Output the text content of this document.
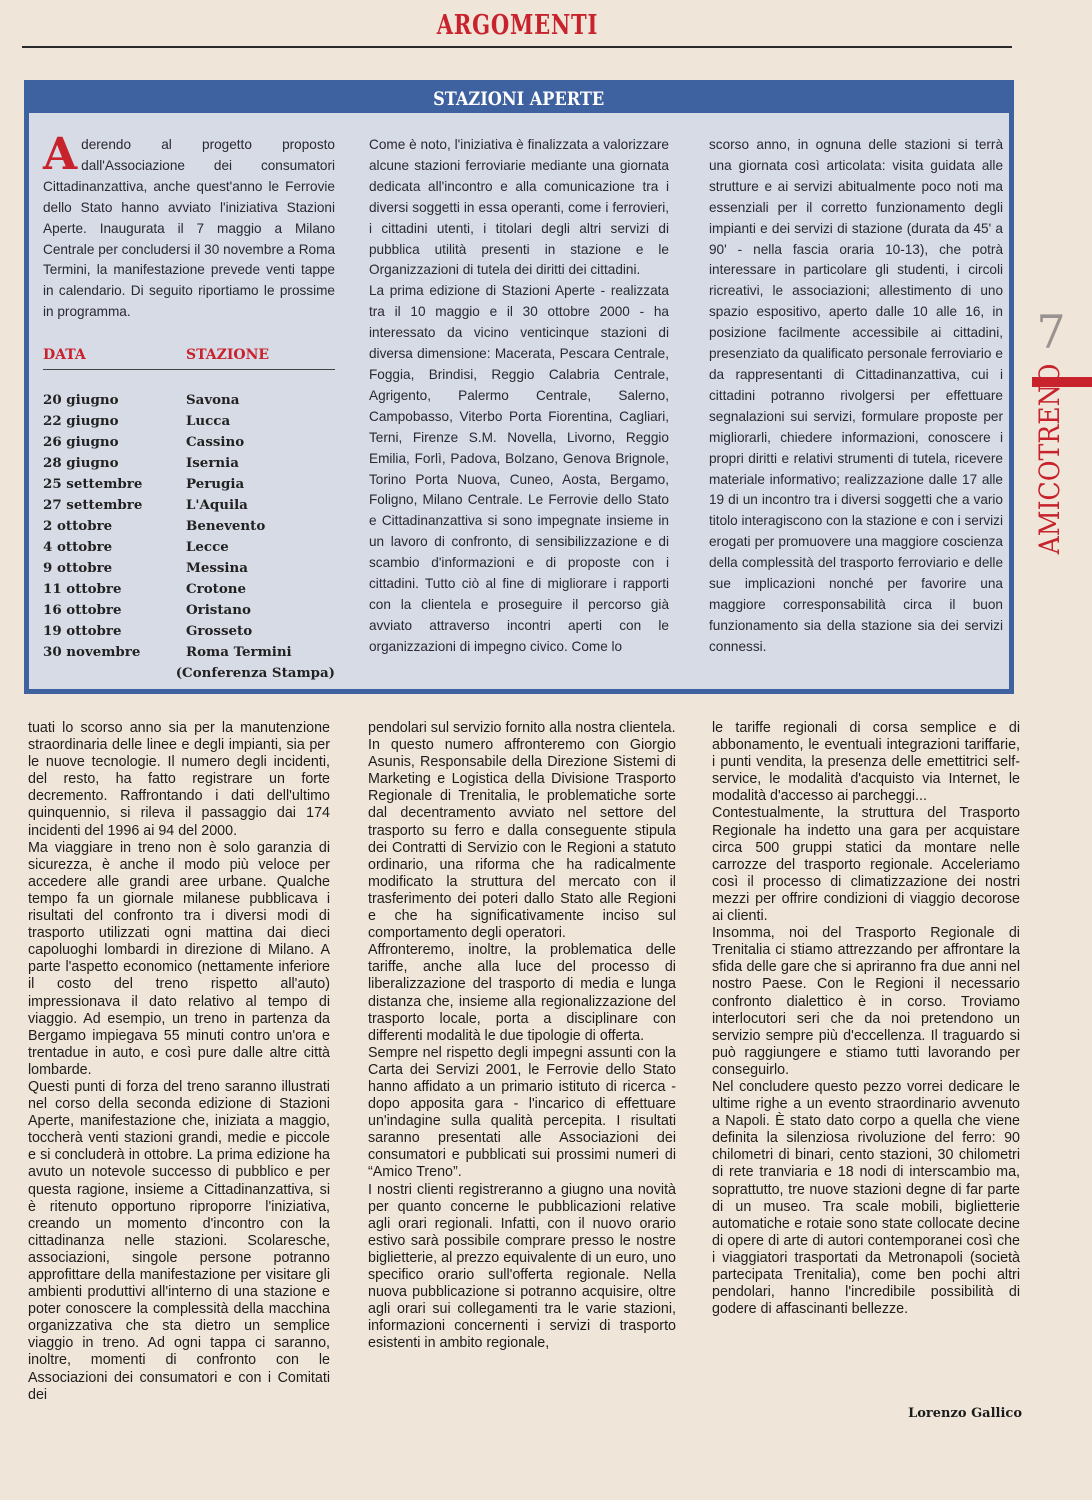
ARGOMENTI
STAZIONI APERTE

Aderendo al progetto proposto dall'Associazione dei consumatori Cittadinanzattiva, anche quest'anno le Ferrovie dello Stato hanno avviato l'iniziativa Stazioni Aperte. Inaugurata il 7 maggio a Milano Centrale per concludersi il 30 novembre a Roma Termini, la manifestazione prevede venti tappe in calendario. Di seguito riportiamo le prossime in programma.

DATA	STAZIONE
20 giugno	Savona
22 giugno	Lucca
26 giugno	Cassino
28 giugno	Isernia
25 settembre	Perugia
27 settembre	L'Aquila
2 ottobre	Benevento
4 ottobre	Lecce
9 ottobre	Messina
11 ottobre	Crotone
16 ottobre	Oristano
19 ottobre	Grosseto
30 novembre	Roma Termini
(Conferenza Stampa)

Come è noto, l'iniziativa è finalizzata a valorizzare alcune stazioni ferroviarie mediante una giornata dedicata all'incontro e alla comunicazione tra i diversi soggetti in essa operanti, come i ferrovieri, i cittadini utenti, i titolari degli altri servizi di pubblica utilità presenti in stazione e le Organizzazioni di tutela dei diritti dei cittadini.

La prima edizione di Stazioni Aperte - realizzata tra il 10 maggio e il 30 ottobre 2000 - ha interessato da vicino venticinque stazioni di diversa dimensione: Macerata, Pescara Centrale, Foggia, Brindisi, Reggio Calabria Centrale, Agrigento, Palermo Centrale, Salerno, Campobasso, Viterbo Porta Fiorentina, Cagliari, Terni, Firenze S.M. Novella, Livorno, Reggio Emilia, Forlì, Padova, Bolzano, Genova Brignole, Torino Porta Nuova, Cuneo, Aosta, Bergamo, Foligno, Milano Centrale. Le Ferrovie dello Stato e Cittadinanzattiva si sono impegnate insieme in un lavoro di confronto, di sensibilizzazione e di scambio d'informazioni e di proposte con i cittadini. Tutto ciò al fine di migliorare i rapporti con la clientela e proseguire il percorso già avviato attraverso incontri aperti con le organizzazioni di impegno civico. Come lo

scorso anno, in ognuna delle stazioni si terrà una giornata così articolata: visita guidata alle strutture e ai servizi abitualmente poco noti ma essenziali per il corretto funzionamento degli impianti e dei servizi di stazione (durata da 45' a 90' - nella fascia oraria 10-13), che potrà interessare in particolare gli studenti, i circoli ricreativi, le associazioni; allestimento di uno spazio espositivo, aperto dalle 10 alle 16, in posizione facilmente accessibile ai cittadini, presenziato da qualificato personale ferroviario e da rappresentanti di Cittadinanzattiva, cui i cittadini potranno rivolgersi per effettuare segnalazioni sui servizi, formulare proposte per migliorarli, chiedere informazioni, conoscere i propri diritti e relativi strumenti di tutela, ricevere materiale informativo; realizzazione dalle 17 alle 19 di un incontro tra i diversi soggetti che a vario titolo interagiscono con la stazione e con i servizi erogati per promuovere una maggiore coscienza della complessità del trasporto ferroviario e delle sue implicazioni nonché per favorire una maggiore corresponsabilità circa il buon funzionamento sia della stazione sia dei servizi connessi.

tuati lo scorso anno sia per la manutenzione straordinaria delle linee e degli impianti, sia per le nuove tecnologie. Il numero degli incidenti, del resto, ha fatto registrare un forte decremento. Raffrontando i dati dell'ultimo quinquennio, si rileva il passaggio dai 174 incidenti del 1996 ai 94 del 2000.

Ma viaggiare in treno non è solo garanzia di sicurezza, è anche il modo più veloce per accedere alle grandi aree urbane. Qualche tempo fa un giornale milanese pubblicava i risultati del confronto tra i diversi modi di trasporto utilizzati ogni mattina dai dieci capoluoghi lombardi in direzione di Milano. A parte l'aspetto economico (nettamente inferiore il costo del treno rispetto all'auto) impressionava il dato relativo al tempo di viaggio. Ad esempio, un treno in partenza da Bergamo impiegava 55 minuti contro un'ora e trentadue in auto, e così pure dalle altre città lombarde.

Questi punti di forza del treno saranno illustrati nel corso della seconda edizione di Stazioni Aperte, manifestazione che, iniziata a maggio, toccherà venti stazioni grandi, medie e piccole e si concluderà in ottobre. La prima edizione ha avuto un notevole successo di pubblico e per questa ragione, insieme a Cittadinanzattiva, si è ritenuto opportuno riproporre l'iniziativa, creando un momento d'incontro con la cittadinanza nelle stazioni. Scolaresche, associazioni, singole persone potranno approfittare della manifestazione per visitare gli ambienti produttivi all'interno di una stazione e poter conoscere la complessità della macchina organizzativa che sta dietro un semplice viaggio in treno. Ad ogni tappa ci saranno, inoltre, momenti di confronto con le Associazioni dei consumatori e con i Comitati dei

pendolari sul servizio fornito alla nostra clientela.

In questo numero affronteremo con Giorgio Asunis, Responsabile della Direzione Sistemi di Marketing e Logistica della Divisione Trasporto Regionale di Trenitalia, le problematiche sorte dal decentramento avviato nel settore del trasporto su ferro e dalla conseguente stipula dei Contratti di Servizio con le Regioni a statuto ordinario, una riforma che ha radicalmente modificato la struttura del mercato con il trasferimento dei poteri dallo Stato alle Regioni e che ha significativamente inciso sul comportamento degli operatori.

Affronteremo, inoltre, la problematica delle tariffe, anche alla luce del processo di liberalizzazione del trasporto di media e lunga distanza che, insieme alla regionalizzazione del trasporto locale, porta a disciplinare con differenti modalità le due tipologie di offerta.

Sempre nel rispetto degli impegni assunti con la Carta dei Servizi 2001, le Ferrovie dello Stato hanno affidato a un primario istituto di ricerca - dopo apposita gara - l'incarico di effettuare un'indagine sulla qualità percepita. I risultati saranno presentati alle Associazioni dei consumatori e pubblicati sui prossimi numeri di “Amico Treno”.

I nostri clienti registreranno a giugno una novità per quanto concerne le pubblicazioni relative agli orari regionali. Infatti, con il nuovo orario estivo sarà possibile comprare presso le nostre biglietterie, al prezzo equivalente di un euro, uno specifico orario sull'offerta regionale. Nella nuova pubblicazione si potranno acquisire, oltre agli orari sui collegamenti tra le varie stazioni, informazioni concernenti i servizi di trasporto esistenti in ambito regionale,

le tariffe regionali di corsa semplice e di abbonamento, le eventuali integrazioni tariffarie, i punti vendita, la presenza delle emettitrici self-service, le modalità d'acquisto via Internet, le modalità d'accesso ai parcheggi...

Contestualmente, la struttura del Trasporto Regionale ha indetto una gara per acquistare circa 500 gruppi statici da montare nelle carrozze del trasporto regionale. Acceleriamo così il processo di climatizzazione dei nostri mezzi per offrire condizioni di viaggio decorose ai clienti.

Insomma, noi del Trasporto Regionale di Trenitalia ci stiamo attrezzando per affrontare la sfida delle gare che si apriranno fra due anni nel nostro Paese. Con le Regioni il necessario confronto dialettico è in corso. Troviamo interlocutori seri che da noi pretendono un servizio sempre più d'eccellenza. Il traguardo si può raggiungere e stiamo tutti lavorando per conseguirlo.

Nel concludere questo pezzo vorrei dedicare le ultime righe a un evento straordinario avvenuto a Napoli. È stato dato corpo a quella che viene definita la silenziosa rivoluzione del ferro: 90 chilometri di binari, cento stazioni, 30 chilometri di rete tranviaria e 18 nodi di interscambio ma, soprattutto, tre nuove stazioni degne di far parte di un museo. Tra scale mobili, biglietterie automatiche e rotaie sono state collocate decine di opere di arte di autori contemporanei così che i viaggiatori trasportati da Metronapoli (società partecipata Trenitalia), come ben pochi altri pendolari, hanno l'incredibile possibilità di godere di affascinanti bellezze.

Lorenzo Gallico
7
AMICOTRENO
